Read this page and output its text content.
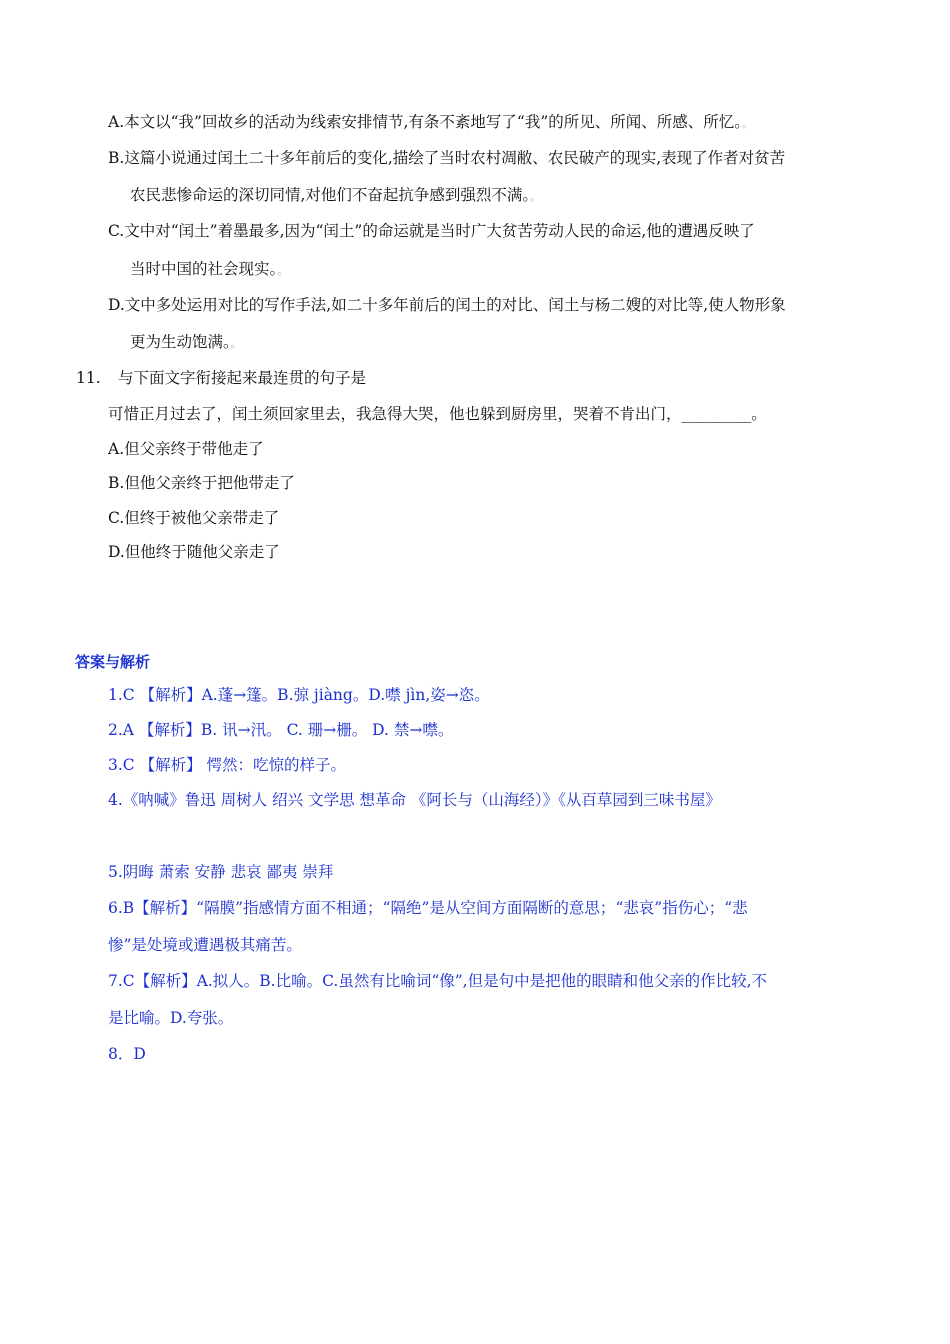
A.本文以“我”回故乡的活动为线索安排情节,有条不紊地写了“我”的所见、所闻、所感、所忆。。
B.这篇小说通过闰土二十多年前后的变化,描绘了当时农村凋敝、农民破产的现实,表现了作者对贫苦
农民悲惨命运的深切同情,对他们不奋起抗争感到强烈不满。。
C.文中对“闰土”着墨最多,因为“闰土”的命运就是当时广大贫苦劳动人民的命运,他的遭遇反映了
当时中国的社会现实。。
D.文中多处运用对比的写作手法,如二十多年前后的闰土的对比、闰土与杨二嫂的对比等,使人物形象
更为生动饱满。。
11. 与下面文字衔接起来最连贯的句子是
可惜正月过去了，闰土须回家里去，我急得大哭，他也躲到厨房里，哭着不肯出门，_________。
A.但父亲终于带他走了
B.但他父亲终于把他带走了
C.但终于被他父亲带走了
D.但他终于随他父亲走了
答案与解析
1.C 【解析】A.蓬→篷。B.弶 jiàng。D.噤 jìn,姿→恣。
2.A 【解析】B. 讯→汛。 C. 珊→栅。 D. 禁→噤。
3.C 【解析】 愕然：吃惊的样子。
4.《呐喊》鲁迅 周树人 绍兴 文学思 想革命 《阿长与（山海经）》《从百草园到三味书屋》
5.阴晦 萧索 安静 悲哀 鄙夷 崇拜
6.B【解析】“隔膜”指感情方面不相通；“隔绝”是从空间方面隔断的意思；“悲哀”指伤心；“悲
惨”是处境或遭遇极其痛苦。
7.C【解析】A.拟人。B.比喻。C.虽然有比喻词“像”,但是句中是把他的眼睛和他父亲的作比较,不
是比喻。D.夸张。
8．D
